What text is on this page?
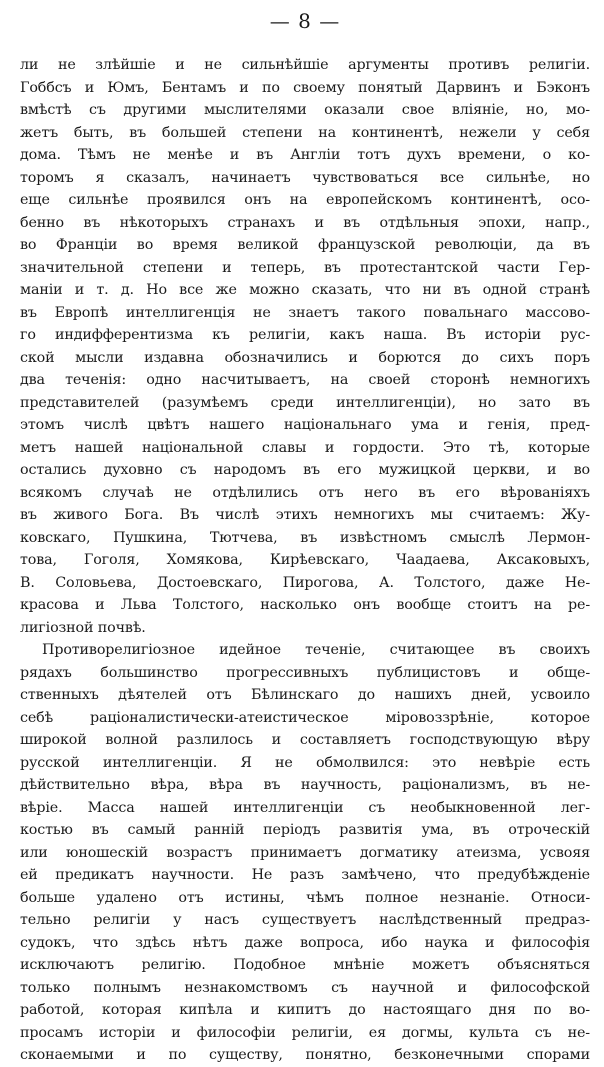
— 8 —
ли не злѣйшіе и не сильнѣйшіе аргументы противъ религіи.
Гоббсъ и Юмъ, Бентамъ и по своему понятый Дарвинъ и Бэконъ
вмѣстѣ съ другими мыслителями оказали свое вліяніе, но, мо-
жетъ быть, въ большей степени на континентѣ, нежели у себя
дома. Тѣмъ не менѣе и въ Англіи тотъ духъ времени, о ко-
торомъ я сказалъ, начинаетъ чувствоваться все сильнѣе, но
еще сильнѣе проявился онъ на европейскомъ континентѣ, осо-
бенно въ нѣкоторыхъ странахъ и въ отдѣльныя эпохи, напр.,
во Франціи во время великой французской революціи, да въ
значительной степени и теперь, въ протестантской части Гер-
маніи и т. д. Но все же можно сказать, что ни въ одной странѣ
въ Европѣ интеллигенція не знаетъ такого повальнаго массово-
го индифферентизма къ религіи, какъ наша. Въ исторіи рус-
ской мысли издавна обозначились и борются до сихъ поръ
два теченія: одно насчитываетъ, на своей сторонѣ немногихъ
представителей (разумѣемъ среди интеллигенціи), но зато въ
этомъ числѣ цвѣтъ нашего національнаго ума и генія, пред-
метъ нашей національной славы и гордости. Это тѣ, которые
остались духовно съ народомъ въ его мужицкой церкви, и во
всякомъ случаѣ не отдѣлились отъ него въ его вѣрованіяхъ
въ живого Бога. Въ числѣ этихъ немногихъ мы считаемъ: Жу-
ковскаго, Пушкина, Тютчева, въ извѣстномъ смыслѣ Лермон-
това, Гоголя, Хомякова, Кирѣевскаго, Чаадаева, Аксаковыхъ,
В. Соловьева, Достоевскаго, Пирогова, А. Толстого, даже Не-
красова и Льва Толстого, насколько онъ вообще стоитъ на ре-
лигіозной почвѣ.
Противорелигіозное идейное теченіе, считающее въ своихъ
рядахъ большинство прогрессивныхъ публицистовъ и обще-
ственныхъ дѣятелей отъ Бѣлинскаго до нашихъ дней, усвоило
себѣ раціоналистически-атеистическое міровоззрѣніе, которое
широкой волной разлилось и составляетъ господствующую вѣру
русской интеллигенціи. Я не обмолвился: это невѣріе есть
дѣйствительно вѣра, вѣра въ научность, раціонализмъ, въ не-
вѣріе. Масса нашей интеллигенціи съ необыкновенной лег-
костью въ самый ранній періодъ развитія ума, въ отроческій
или юношескій возрастъ принимаетъ догматику атеизма, усвояя
ей предикатъ научности. Не разъ замѣчено, что предубѣжденіе
больше удалено отъ истины, чѣмъ полное незнаніе. Относи-
тельно религіи у насъ существуетъ наслѣдственный предраз-
судокъ, что здѣсь нѣтъ даже вопроса, ибо наука и философія
исключаютъ религію. Подобное мнѣніе можетъ объясняться
только полнымъ незнакомствомъ съ научной и философской
работой, которая кипѣла и кипитъ до настоящаго дня по во-
просамъ исторіи и философіи религіи, ея догмы, культа съ не-
сконаемыми и по существу, понятно, безконечными спорами
